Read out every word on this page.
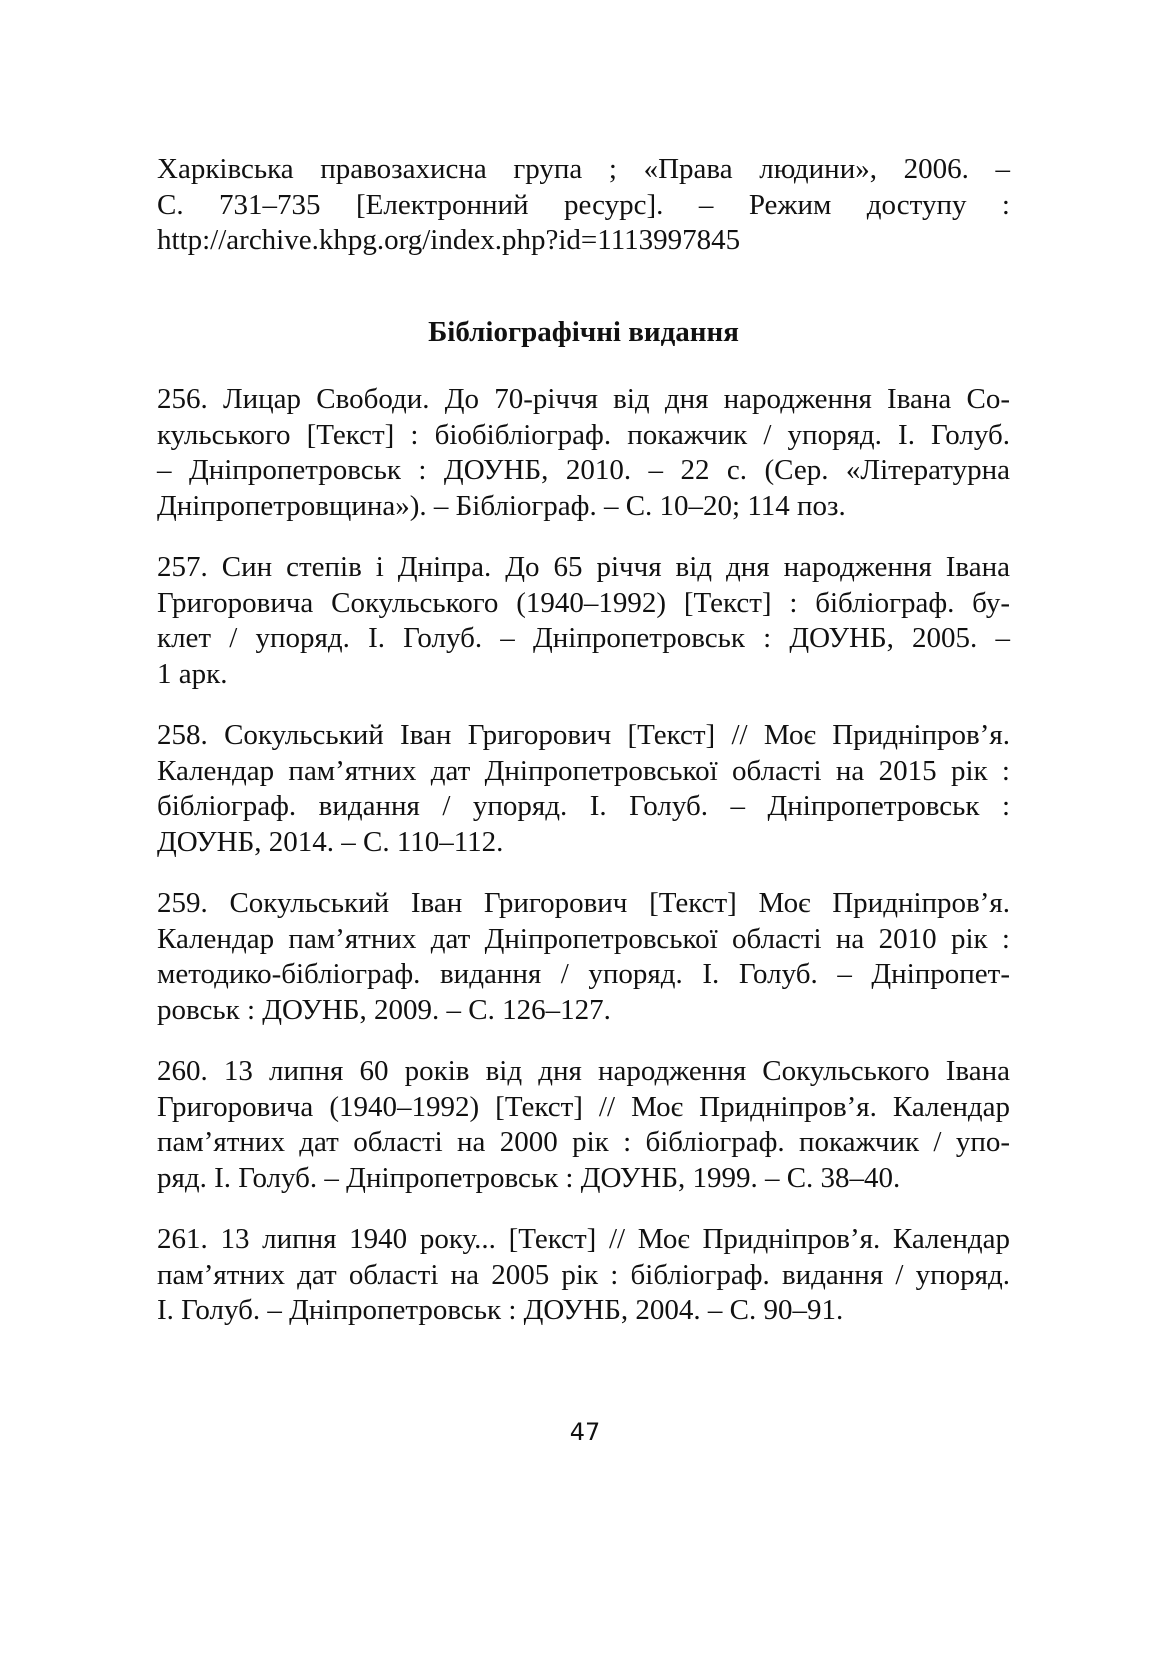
Харківська правозахисна група ; «Права людини», 2006. –
С. 731–735 [Електронний ресурс]. – Режим доступу :
http://archive.khpg.org/index.php?id=1113997845
Бібліографічні видання
256. Лицар Свободи. До 70-річчя від дня народження Івана Со-
кульського [Текст] : біобібліограф. покажчик / упоряд. І. Голуб.
– Дніпропетровськ : ДОУНБ, 2010. – 22 с. (Сер. «Літературна
Дніпропетровщина»). – Бібліограф. – С. 10–20; 114 поз.
257. Син степів і Дніпра. До 65 річчя від дня народження Івана
Григоровича Сокульського (1940–1992) [Текст] : бібліограф. бу-
клет / упоряд. І. Голуб. – Дніпропетровськ : ДОУНБ, 2005. –
1 арк.
258. Сокульський Іван Григорович [Текст] // Моє Придніпров’я.
Календар пам’ятних дат Дніпропетровської області на 2015 рік :
бібліограф. видання / упоряд. І. Голуб. – Дніпропетровськ :
ДОУНБ, 2014. – С. 110–112.
259. Сокульський Іван Григорович [Текст] Моє Придніпров’я.
Календар пам’ятних дат Дніпропетровської області на 2010 рік :
методико-бібліограф. видання / упоряд. І. Голуб. – Дніпропет-
ровськ : ДОУНБ, 2009. – С. 126–127.
260. 13 липня 60 років від дня народження Сокульського Івана
Григоровича (1940–1992) [Текст] // Моє Придніпров’я. Календар
пам’ятних дат області на 2000 рік : бібліограф. покажчик / упо-
ряд. І. Голуб. – Дніпропетровськ : ДОУНБ, 1999. – С. 38–40.
261. 13 липня 1940 року... [Текст] // Моє Придніпров’я. Календар
пам’ятних дат області на 2005 рік : бібліограф. видання / упоряд.
І. Голуб. – Дніпропетровськ : ДОУНБ, 2004. – С. 90–91.
47
